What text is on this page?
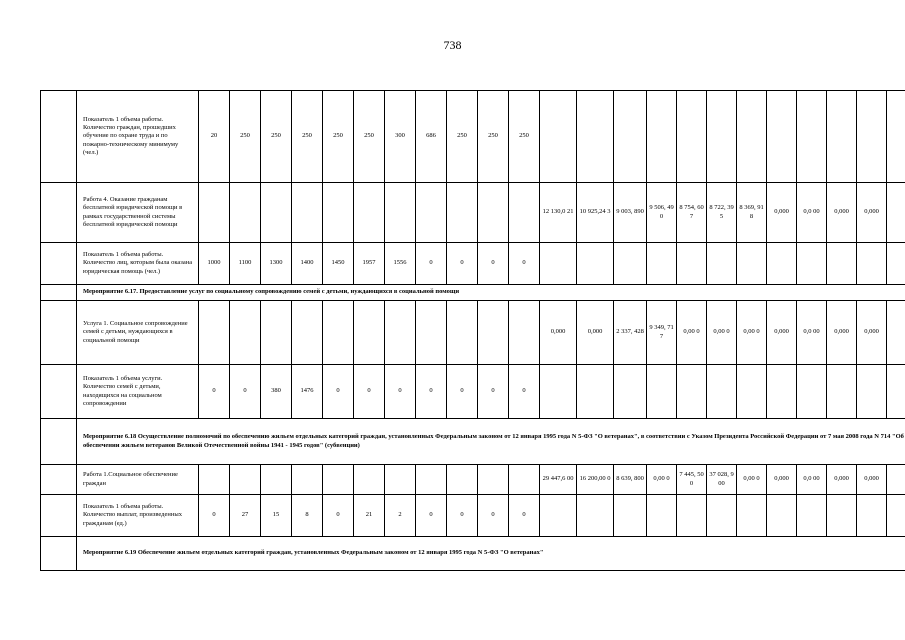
738
	Показатель 1 объема работы. Количество граждан, прошедших обучение по охране труда и по пожарно-техническому минимуму (чел.)	20	250	250	250	250	250	300	686	250	250	250												
	Работа 4. Оказание гражданам бесплатной юридической помощи в рамках государственной системы бесплатной юридической помощи												12 130,0 21	10 925,24 3	9 003, 890	9 506, 490	8 754, 607	8 722, 395	8 369, 918	0,000	0,0 00	0,000	0,000	
	Показатель 1 объема работы. Количество лиц, которым была оказана юридическая помощь (чел.)	1000	1100	1300	1400	1450	1957	1556	0	0	0	0												
	Мероприятие 6.17. Предоставление услуг по социальному сопровождению семей с детьми, нуждающихся в социальной помощи																							
	Услуга 1. Социальное сопровождение семей с детьми, нуждающихся в социальной помощи												0,000	0,000	2 337, 428	9 349, 717	0,00 0	0,00 0	0,00 0	0,000	0,0 00	0,000	0,000	
	Показатель 1 объема услуги. Количество семей с детьми, находящихся на социальном сопровождении	0	0	380	1476	0	0	0	0	0	0	0												
	Мероприятие 6.18 Осуществление полномочий по обеспечению жильем отдельных категорий граждан, установленных Федеральным законом от 12 января 1995 года N 5-ФЗ "О ветеранах", в соответствии с Указом Президента Российской Федерации от 7 мая 2008 года N 714 "Об обеспечении жильем ветеранов Великой Отечественной войны 1941 - 1945 годов" (субвенции)																							
	Работа 1.Социальное обеспечение граждан												29 447,6 00	16 200,00 0	8 639, 800	0,00 0	7 445, 500	37 028, 900	0,00 0	0,000	0,0 00	0,000	0,000	
	Показатель 1 объема работы. Количество выплат, произведенных гражданам (ед.)	0	27	15	8	0	21	2	0	0	0	0												
	Мероприятие 6.19 Обеспечение жильем отдельных категорий граждан, установленных Федеральным законом от 12 января 1995 года N 5-ФЗ "О ветеранах"																							
